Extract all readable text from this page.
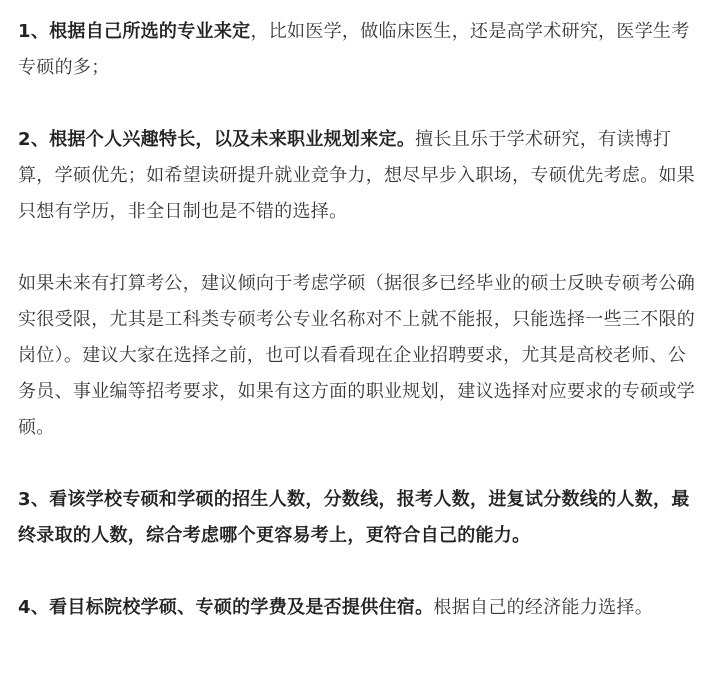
1、根据自己所选的专业来定，比如医学，做临床医生，还是高学术研究，医学生考专硕的多；

2、根据个人兴趣特长，以及未来职业规划来定。擅长且乐于学术研究，有读博打算，学硕优先；如希望读研提升就业竞争力，想尽早步入职场，专硕优先考虑。如果只想有学历，非全日制也是不错的选择。

如果未来有打算考公，建议倾向于考虑学硕（据很多已经毕业的硕士反映专硕考公确实很受限，尤其是工科类专硕考公专业名称对不上就不能报，只能选择一些三不限的岗位）。建议大家在选择之前，也可以看看现在企业招聘要求，尤其是高校老师、公务员、事业编等招考要求，如果有这方面的职业规划，建议选择对应要求的专硕或学硕。

3、看该学校专硕和学硕的招生人数，分数线，报考人数，进复试分数线的人数，最终录取的人数，综合考虑哪个更容易考上，更符合自己的能力。

4、看目标院校学硕、专硕的学费及是否提供住宿。根据自己的经济能力选择。
